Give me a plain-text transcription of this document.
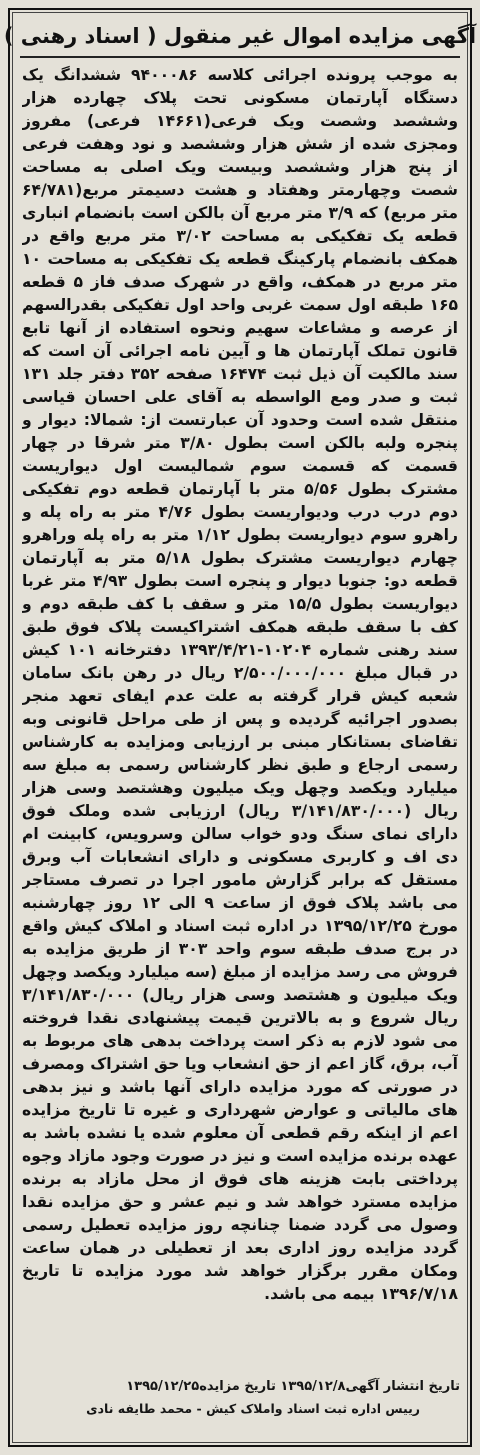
آگهی مزایده اموال غیر منقول ( اسناد رهنی )
به موجب پرونده اجرائی کلاسه ۹۴۰۰۰۸۶ ششدانگ یک دستگاه آپارتمان مسکونی تحت پلاک چهارده هزار وششصد وشصت ویک فرعی(۱۴۶۶۱ فرعی) مفروز ومجزی شده از شش هزار وششصد و نود وهفت فرعی از پنج هزار وششصد وبیست ویک اصلی به مساحت شصت وچهارمتر وهفتاد و هشت دسیمتر مربع(۶۴/۷۸۱ متر مربع) که ۳/۹ متر مربع آن بالکن است بانضمام انباری قطعه یک تفکیکی به مساحت ۳/۰۲ متر مربع واقع در همکف بانضمام پارکینگ قطعه یک تفکیکی به مساحت ۱۰ متر مربع در همکف، واقع در شهرک صدف فاز ۵ قطعه ۱۶۵ طبقه اول سمت غربی واحد اول تفکیکی بقدرالسهم از عرصه و مشاعات سهیم ونحوه استفاده از آنها تابع قانون تملک آپارتمان ها و آیین نامه اجرائی آن است که سند مالکیت آن ذیل ثبت ۱۶۴۷۴ صفحه ۳۵۲ دفتر جلد ۱۳۱ ثبت و صدر ومع الواسطه به آقای علی احسان قیاسی منتقل شده است وحدود آن عبارتست از: شمالا: دیوار و پنجره ولبه بالکن است بطول ۳/۸۰ متر شرقا در چهار قسمت که قسمت سوم شمالیست اول دیواریست مشترک بطول ۵/۵۶ متر با آپارتمان قطعه دوم تفکیکی دوم درب درب ودیواریست بطول ۴/۷۶ متر به راه پله و راهرو سوم دیواریست بطول ۱/۱۲ متر به راه پله وراهرو چهارم دیواریست مشترک بطول ۵/۱۸ متر به آپارتمان قطعه دو: جنوبا دیوار و پنجره است بطول ۴/۹۳ متر غربا دیواریست بطول ۱۵/۵ متر و سقف با کف طبقه دوم و کف با سقف طبقه همکف اشتراکیست پلاک فوق طبق سند رهنی شماره ۱۰۲۰۴-۱۳۹۳/۴/۲۱ دفترخانه ۱۰۱ کیش در قبال مبلغ ۲/۵۰۰/۰۰۰/۰۰۰ ریال در رهن بانک سامان شعبه کیش قرار گرفته به علت عدم ایفای تعهد منجر بصدور اجرائیه گردیده و پس از طی مراحل قانونی وبه تقاضای بستانکار مبنی بر ارزیابی ومزایده به کارشناس رسمی ارجاع و طبق نظر کارشناس رسمی به مبلغ سه میلیارد ویکصد وچهل ویک میلیون وهشتصد وسی هزار ریال (۳/۱۴۱/۸۳۰/۰۰۰ ریال) ارزیابی شده وملک فوق دارای نمای سنگ ودو خواب سالن وسرویس، کابینت ام دی اف و کاربری مسکونی و دارای انشعابات آب وبرق مستقل که برابر گزارش مامور اجرا در تصرف مستاجر می باشد پلاک فوق از ساعت ۹ الی ۱۲ روز چهارشنبه مورخ ۱۳۹۵/۱۲/۲۵ در اداره ثبت اسناد و املاک کیش واقع در برج صدف طبقه سوم واحد ۳۰۳ از طریق مزایده به فروش می رسد مزایده از مبلغ (سه میلیارد ویکصد وچهل ویک میلیون و هشتصد وسی هزار ریال) ۳/۱۴۱/۸۳۰/۰۰۰ ریال شروع و به بالاترین قیمت پیشنهادی نقدا فروخته می شود لازم به ذکر است پرداخت بدهی های مربوط به آب، برق، گاز اعم از حق انشعاب ویا حق اشتراک ومصرف در صورتی که مورد مزایده دارای آنها باشد و نیز بدهی های مالیاتی و عوارض شهرداری و غیره تا تاریخ مزایده اعم از اینکه رقم قطعی آن معلوم شده یا نشده باشد به عهده برنده مزایده است و نیز در صورت وجود مازاد وجوه پرداختی بابت هزینه های فوق از محل مازاد به برنده مزایده مسترد خواهد شد و نیم عشر و حق مزایده نقدا وصول می گردد ضمنا چنانچه روز مزایده تعطیل رسمی گردد مزایده روز اداری بعد از تعطیلی در همان ساعت ومکان مقرر برگزار خواهد شد مورد مزایده تا تاریخ ۱۳۹۶/۷/۱۸ بیمه می باشد.
تاریخ انتشار آگهی۱۳۹۵/۱۲/۸ تاریخ مزایده۱۳۹۵/۱۲/۲۵
رییس اداره ثبت اسناد واملاک کیش - محمد طایفه نادی
